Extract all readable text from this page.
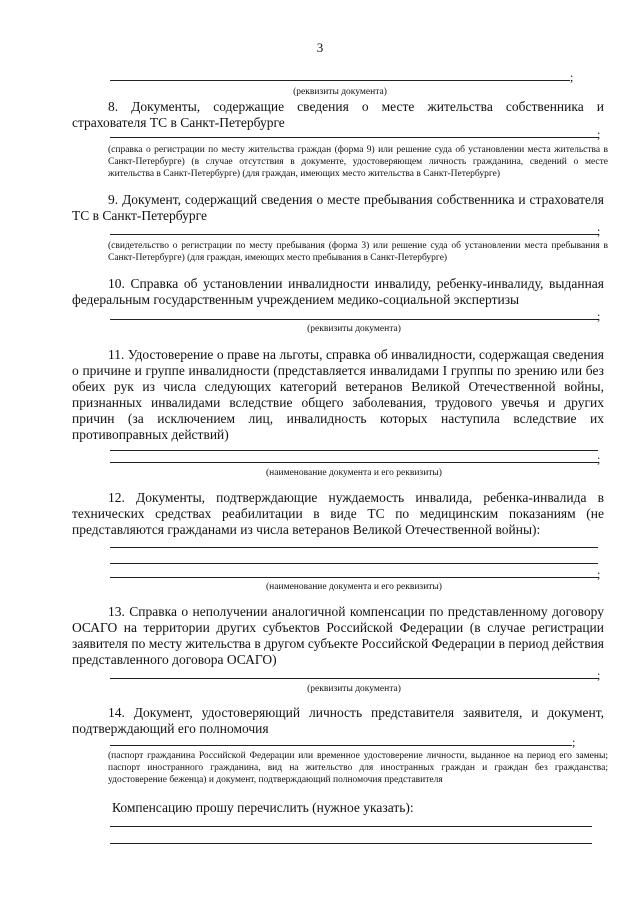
3
;
(реквизиты документа)
8. Документы, содержащие сведения о месте жительства собственника и страхователя ТС в Санкт-Петербурге
;
(справка о регистрации по месту жительства граждан (форма 9) или решение суда об установлении места жительства в Санкт-Петербурге) (в случае отсутствия в документе, удостоверяющем личность гражданина, сведений о месте жительства в Санкт-Петербурге) (для граждан, имеющих место жительства в Санкт-Петербурге)
9. Документ, содержащий сведения о месте пребывания собственника и страхователя ТС в Санкт-Петербурге
;
(свидетельство о регистрации по месту пребывания (форма 3) или решение суда об установлении места пребывания в Санкт-Петербурге) (для граждан, имеющих место пребывания в Санкт-Петербурге)
10. Справка об установлении инвалидности инвалиду, ребенку-инвалиду, выданная федеральным государственным учреждением медико-социальной экспертизы
;
(реквизиты документа)
11. Удостоверение о праве на льготы, справка об инвалидности, содержащая сведения о причине и группе инвалидности (представляется инвалидами I группы по зрению или без обеих рук из числа следующих категорий ветеранов Великой Отечественной войны, признанных инвалидами вследствие общего заболевания, трудового увечья и других причин (за исключением лиц, инвалидность которых наступила вследствие их противоправных действий)
;
(наименование документа и его реквизиты)
12. Документы, подтверждающие нуждаемость инвалида, ребенка-инвалида в технических средствах реабилитации в виде ТС по медицинским показаниям (не представляются гражданами из числа ветеранов Великой Отечественной войны):
;
(наименование документа и его реквизиты)
13. Справка о неполучении аналогичной компенсации по представленному договору ОСАГО на территории других субъектов Российской Федерации (в случае регистрации заявителя по месту жительства в другом субъекте Российской Федерации в период действия представленного договора ОСАГО)
;
(реквизиты документа)
14. Документ, удостоверяющий личность представителя заявителя, и документ, подтверждающий его полномочия
;
(паспорт гражданина Российской Федерации или временное удостоверение личности, выданное на период его замены; паспорт иностранного гражданина, вид на жительство для иностранных граждан и граждан без гражданства; удостоверение беженца) и документ, подтверждающий полномочия представителя
Компенсацию прошу перечислить (нужное указать):
